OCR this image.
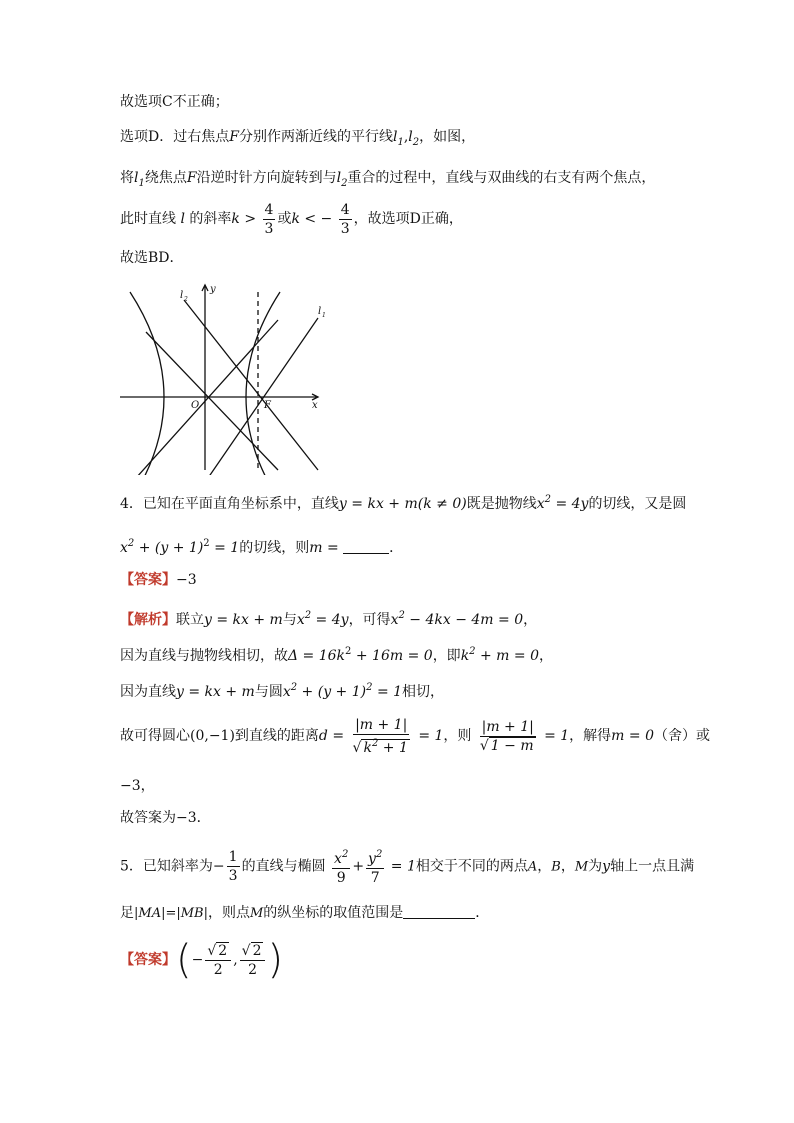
故选项C不正确；
选项D．过右焦点F分别作两渐近线的平行线$l_1,l_2$，如图，
将$l_1$绕焦点F沿逆时针方向旋转到与$l_2$重合的过程中，直线与双曲线的右支有两个焦点，
此时直线 l 的斜率$k > \frac{4}{3}$ 或k < − $\frac{4}{3}$ ，故选项D正确，
故选BD．
y
x
O	F
l 2
l 1
4．已知在平面直角坐标系中，直线y = kx + m(k ≠ 0)既是抛物线$x^2 = 4y$的切线，又是圆
$x^2 + (y + 1)^2 = 1$的切线，则m =	．
【答案】−3
【解析】联立y = kx + m与$x^2 = 4y$，可得$x^2 - 4kx - 4m = 0$，
因为直线与抛物线相切，故$\Delta = 16k^2 + 16m = 0$，即$k^2 + m = 0$，
因为直线y = kx + m与圆$x^2 + (y + 1)^2 = 1$相切，
故可得圆心(0,−1)到直线的距离$d = \frac{|m + 1|}{√ k^2 + 1} = 1$，则 $\frac{|m + 1|}{√ 1 - m} = 1$，解得m = 0（舍）或
−3，
故答案为−3．
5．已知斜率为− $\frac{1}{3}$ 的直线与椭圆 $\frac{x^2}{9} + \frac{y^2}{7} = 1$相交于不同的两点A，B，M为y轴上一点且满
足|MA|=|MB|，则点M的纵坐标的取值范围是	．
【答案】(− $\frac{√ 2}{2}$ , $\frac{√ 2}{2}$ )
